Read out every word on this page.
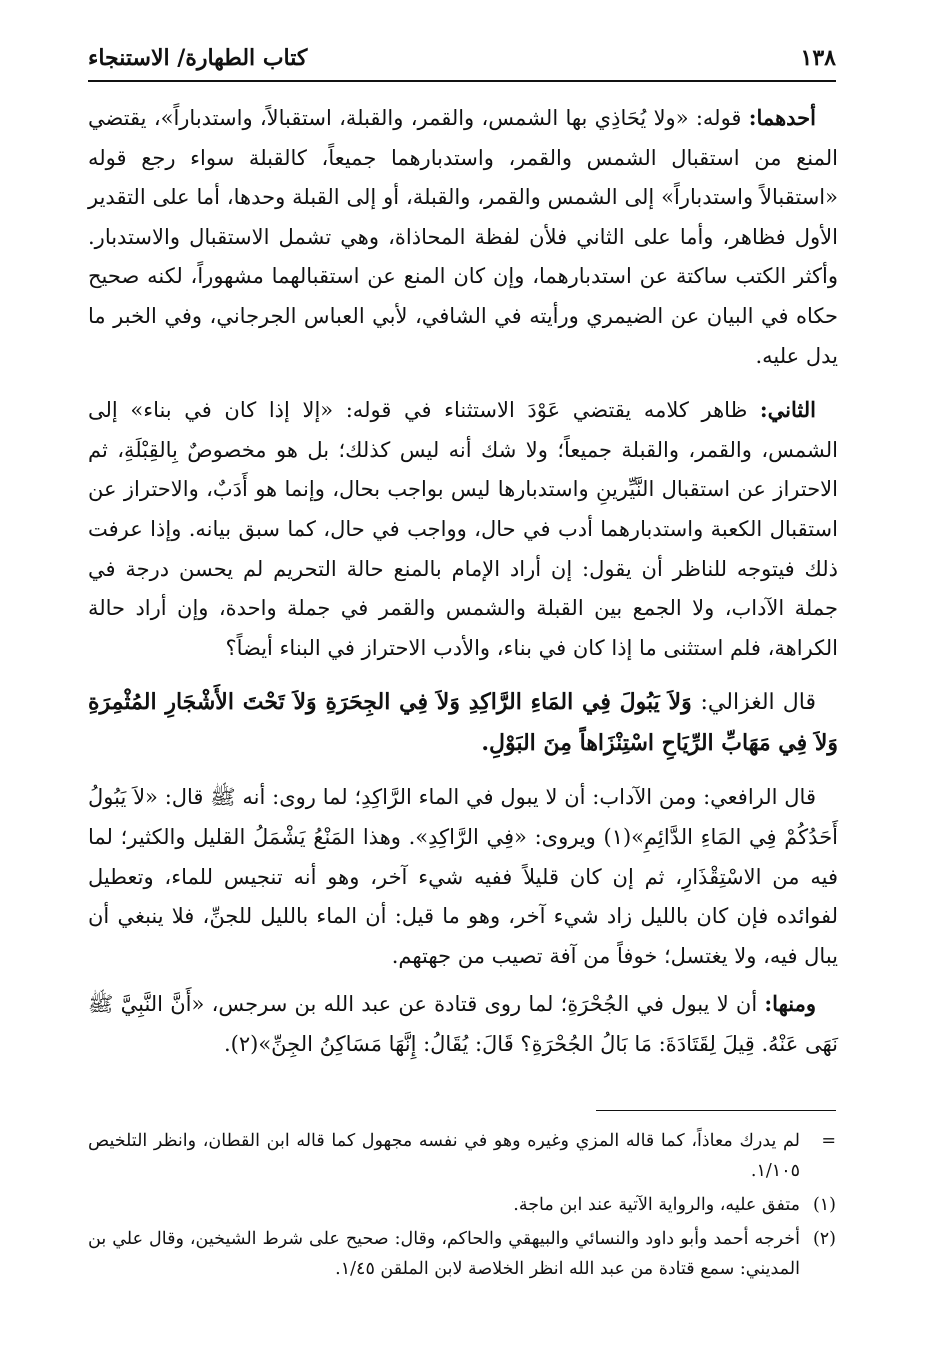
١٣٨
كتاب الطهارة/ الاستنجاء

أحدهما: قوله: «ولا يُحَاذِي بها الشمس، والقمر، والقبلة، استقبالاً، واستدباراً»، يقتضي المنع من استقبال الشمس والقمر، واستدبارهما جميعاً، كالقبلة سواء رجع قوله «استقبالاً واستدباراً» إلى الشمس والقمر، والقبلة، أو إلى القبلة وحدها، أما على التقدير الأول فظاهر، وأما على الثاني فلأن لفظة المحاذاة، وهي تشمل الاستقبال والاستدبار. وأكثر الكتب ساكتة عن استدبارهما، وإن كان المنع عن استقبالهما مشهوراً، لكنه صحيح حكاه في البيان عن الضيمري ورأيته في الشافي، لأبي العباس الجرجاني، وفي الخبر ما يدل عليه.

الثاني: ظاهر كلامه يقتضي عَوْدَ الاستثناء في قوله: «إلا إذا كان في بناء» إلى الشمس، والقمر، والقبلة جميعاً؛ ولا شك أنه ليس كذلك؛ بل هو مخصوصٌ بِالقِبْلَةِ، ثم الاحتراز عن استقبال النَّيِّرينِ واستدبارها ليس بواجب بحال، وإنما هو أَدَبٌ، والاحتراز عن استقبال الكعبة واستدبارهما أدب في حال، وواجب في حال، كما سبق بيانه. وإذا عرفت ذلك فيتوجه للناظر أن يقول: إن أراد الإمام بالمنع حالة التحريم لم يحسن درجة في جملة الآداب، ولا الجمع بين القبلة والشمس والقمر في جملة واحدة، وإن أراد حالة الكراهة، فلم استثنى ما إذا كان في بناء، والأدب الاحتراز في البناء أيضاً؟

قال الغزالي: وَلاَ يَبُولَ فِي المَاءِ الرَّاكِدِ وَلاَ فِي الجِحَرَةِ وَلاَ تَحْتَ الأَشْجَارِ المُثْمِرَةِ وَلاَ فِي مَهَابِّ الرِّيَاحِ اسْتِنْزَاهاً مِنَ البَوْلِ.

قال الرافعي: ومن الآداب: أن لا يبول في الماء الرَّاكِدِ؛ لما روى: أنه ﷺ قال: «لاَ يَبُولُ أَحَدُكُمْ فِي المَاءِ الدَّائِمِ»(١) ويروى: «فِي الرَّاكِدِ». وهذا المَنْعُ يَشْمَلُ القليل والكثير؛ لما فيه من الاسْتِقْذَارِ، ثم إن كان قليلاً ففيه شيء آخر، وهو أنه تنجيس للماء، وتعطيل لفوائده فإن كان بالليل زاد شيء آخر، وهو ما قيل: أن الماء بالليل للجنِّ، فلا ينبغي أن يبال فيه، ولا يغتسل؛ خوفاً من آفة تصيب من جهتهم.

ومنها: أن لا يبول في الجُحْرَةِ؛ لما روى قتادة عن عبد الله بن سرجس، «أَنَّ النَّبِيَّ ﷺ نَهَى عَنْهُ. قِيلَ لِقَتَادَةَ: مَا بَالُ الجُحْرَةِ؟ قَالَ: يُقَالُ: إِنَّهَا مَسَاكِنُ الجِنِّ»(٢).

=
لم يدرك معاذاً، كما قاله المزي وغيره وهو في نفسه مجهول كما قاله ابن القطان، وانظر التلخيص ١/١٠٥.
(١)
متفق عليه، والرواية الآتية عند ابن ماجة.
(٢)
أخرجه أحمد وأبو داود والنسائي والبيهقي والحاكم، وقال: صحيح على شرط الشيخين، وقال علي بن المديني: سمع قتادة من عبد الله انظر الخلاصة لابن الملقن ١/٤٥.
